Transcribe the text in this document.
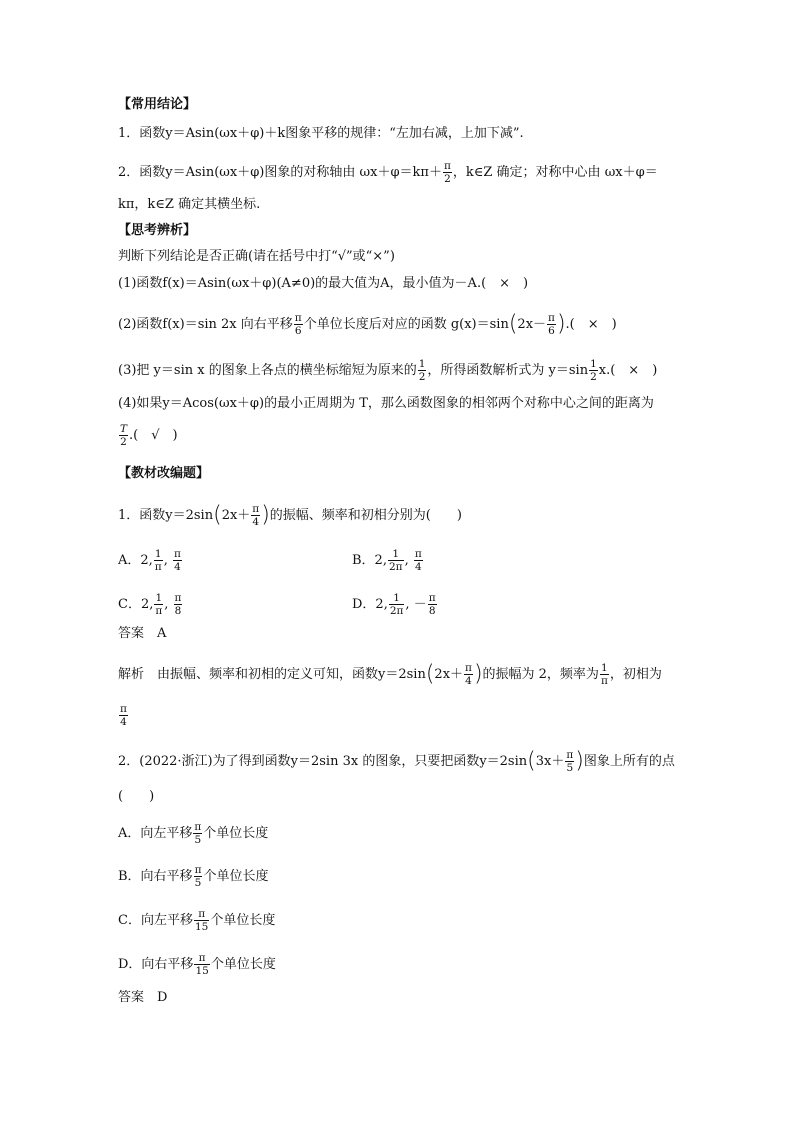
【常用结论】
1．函数y＝Asin(ωx＋φ)＋k图象平移的规律：“左加右减，上加下减”.
2．函数y＝Asin(ωx＋φ)图象的对称轴由 $\omega x+\varphi=k\pi+ \frac{\pi}{2}$ ，k∈Z 确定；对称中心由 ωx＋φ＝
kπ，k∈Z 确定其横坐标.
【思考辨析】
判断下列结论是否正确(请在括号中打“√”或“×”)
(1)函数f(x)＝Asin(ωx＋φ)(A≠0)的最大值为A，最小值为－A.(　×　)
(2)函数f(x)＝sin 2x 向右平移 $\frac{\pi}{6}$ 个单位长度后对应的函数 $g(x)=\sin(2x- \frac{\pi}{6}$ ).(　×　)
(3)把 y＝sin x 的图象上各点的横坐标缩短为原来的 $\frac{1}{2}$ ，所得函数解析式为 $y=\sin \frac{1}{2} x$.(　×　)
(4)如果y＝Acos(ωx＋φ)的最小正周期为 T，那么函数图象的相邻两个对称中心之间的距离为
$\frac{T}{2}$ .(　√　)
【教材改编题】
1．函数$y=2\sin(2x+ \frac{\pi}{4}$ )的振幅、频率和初相分别为(　　)
A．2, $\frac{1}{\pi}$ , $\frac{\pi}{4}$	B．2, $\frac{1}{2\pi}$ , $\frac{\pi}{4}$
C．2, $\frac{1}{\pi}$ , $\frac{\pi}{8}$	D．2, $\frac{1}{2\pi}$ , － $\frac{\pi}{8}$
答案　A
解析　由振幅、频率和初相的定义可知，函数$y=2\sin(2x+ \frac{\pi}{4}$ )的振幅为 2，频率为 $\frac{1}{\pi}$ ，初相为
$\frac{\pi}{4}$
2．(2022·浙江)为了得到函数y＝2sin 3x 的图象，只要把函数$y=2\sin(3x+ \frac{\pi}{5}$ )图象上所有的点
(　　)
A．向左平移 $\frac{\pi}{5}$ 个单位长度
B．向右平移 $\frac{\pi}{5}$ 个单位长度
C．向左平移 $\frac{\pi}{15}$ 个单位长度
D．向右平移 $\frac{\pi}{15}$ 个单位长度
答案　D
